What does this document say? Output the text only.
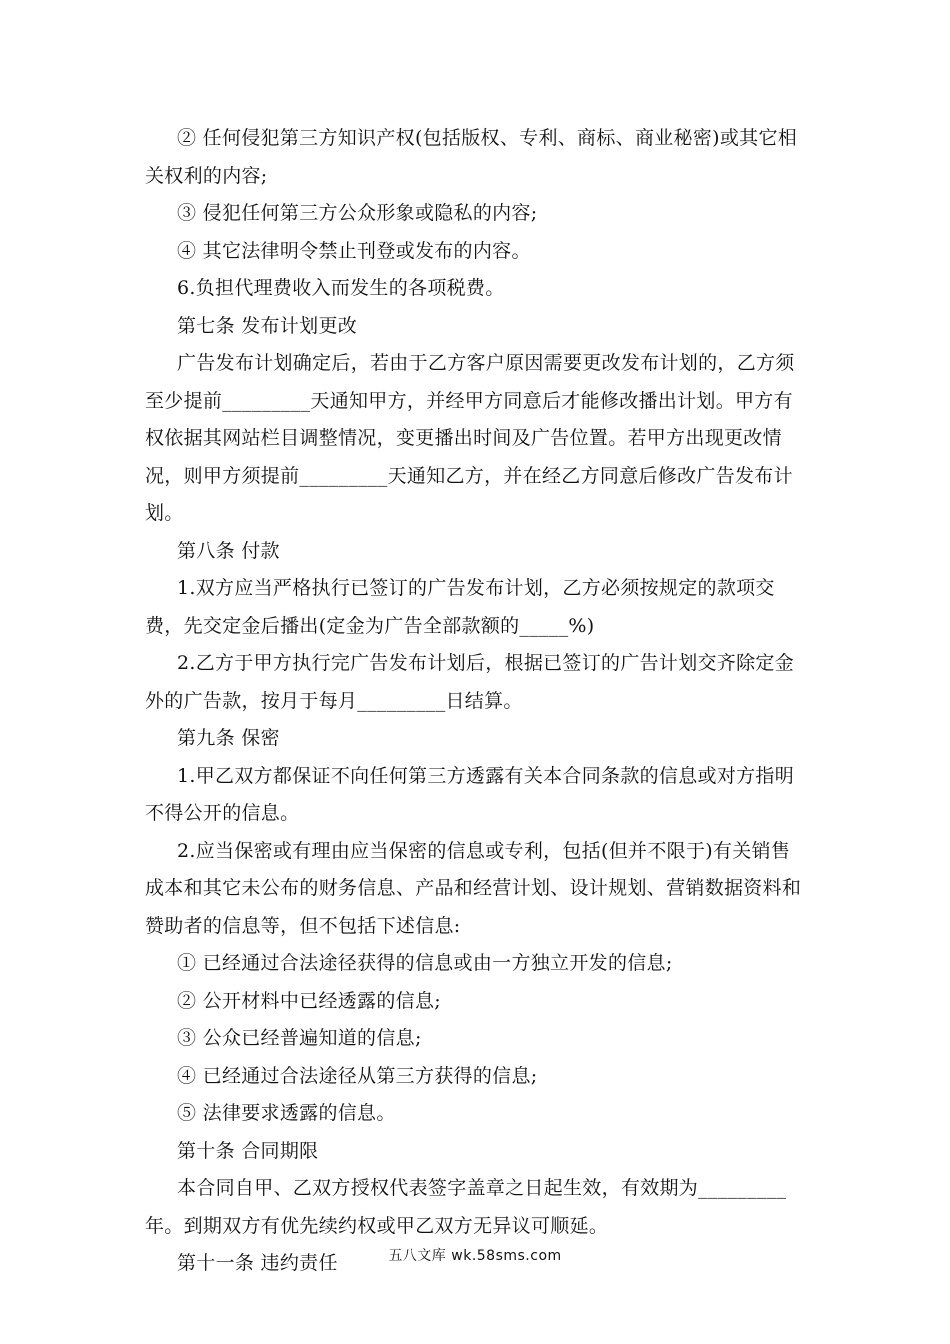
② 任何侵犯第三方知识产权(包括版权、专利、商标、商业秘密)或其它相关权利的内容;

③ 侵犯任何第三方公众形象或隐私的内容;

④ 其它法律明令禁止刊登或发布的内容。

6.负担代理费收入而发生的各项税费。

第七条 发布计划更改

广告发布计划确定后，若由于乙方客户原因需要更改发布计划的，乙方须至少提前_________天通知甲方，并经甲方同意后才能修改播出计划。甲方有权依据其网站栏目调整情况，变更播出时间及广告位置。若甲方出现更改情况，则甲方须提前_________天通知乙方，并在经乙方同意后修改广告发布计划。

第八条 付款

1.双方应当严格执行已签订的广告发布计划，乙方必须按规定的款项交费，先交定金后播出(定金为广告全部款额的_____%)

2.乙方于甲方执行完广告发布计划后，根据已签订的广告计划交齐除定金外的广告款，按月于每月_________日结算。

第九条 保密

1.甲乙双方都保证不向任何第三方透露有关本合同条款的信息或对方指明不得公开的信息。

2.应当保密或有理由应当保密的信息或专利，包括(但并不限于)有关销售成本和其它未公布的财务信息、产品和经营计划、设计规划、营销数据资料和赞助者的信息等，但不包括下述信息:

① 已经通过合法途径获得的信息或由一方独立开发的信息;

② 公开材料中已经透露的信息;

③ 公众已经普遍知道的信息;

④ 已经通过合法途径从第三方获得的信息;

⑤ 法律要求透露的信息。

第十条 合同期限

本合同自甲、乙双方授权代表签字盖章之日起生效，有效期为_________年。到期双方有优先续约权或甲乙双方无异议可顺延。

第十一条 违约责任	五八文库 wk.58sms.com
